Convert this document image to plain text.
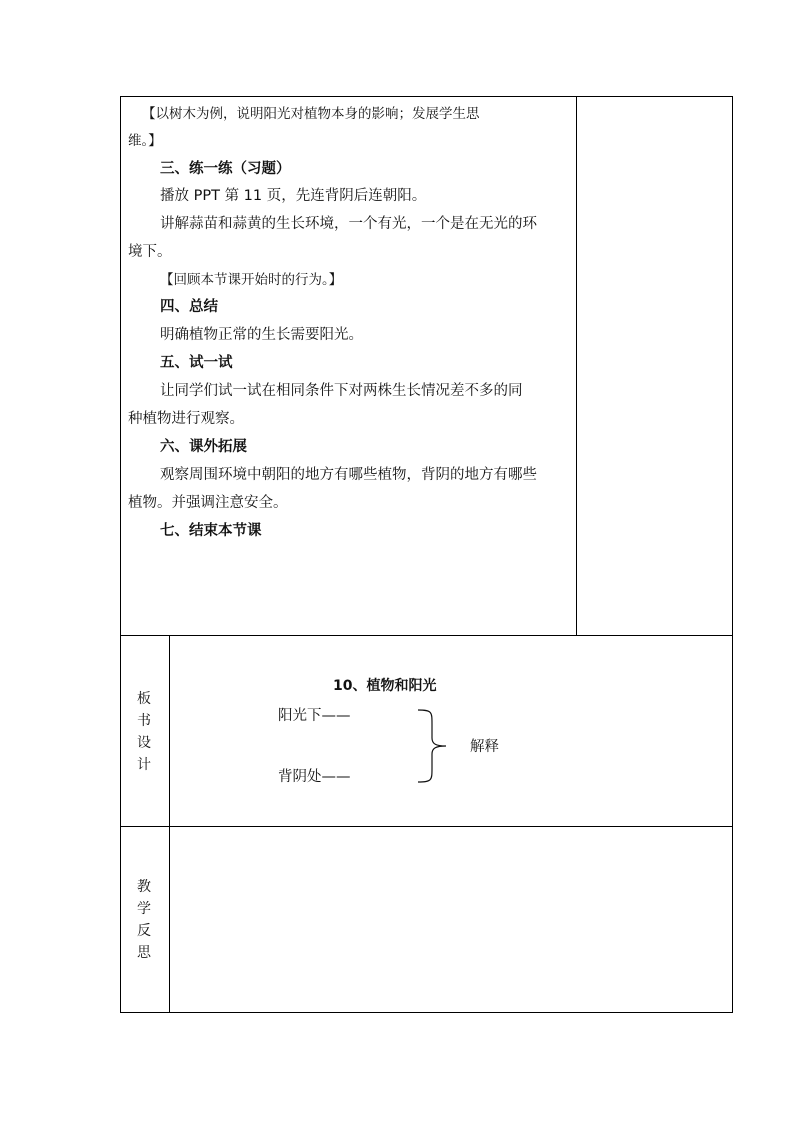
【以树木为例，说明阳光对植物本身的影响；发展学生思
维。】
三、练一练（习题）
播放 PPT 第 11 页，先连背阴后连朝阳。
讲解蒜苗和蒜黄的生长环境，一个有光，一个是在无光的环
境下。
【回顾本节课开始时的行为。】
四、总结
明确植物正常的生长需要阳光。
五、试一试
让同学们试一试在相同条件下对两株生长情况差不多的同
种植物进行观察。
六、课外拓展
观察周围环境中朝阳的地方有哪些植物，背阴的地方有哪些
植物。并强调注意安全。
七、结束本节课
板
书
设
计
10、植物和阳光
阳光下——
背阴处——
解释
教
学
反
思
